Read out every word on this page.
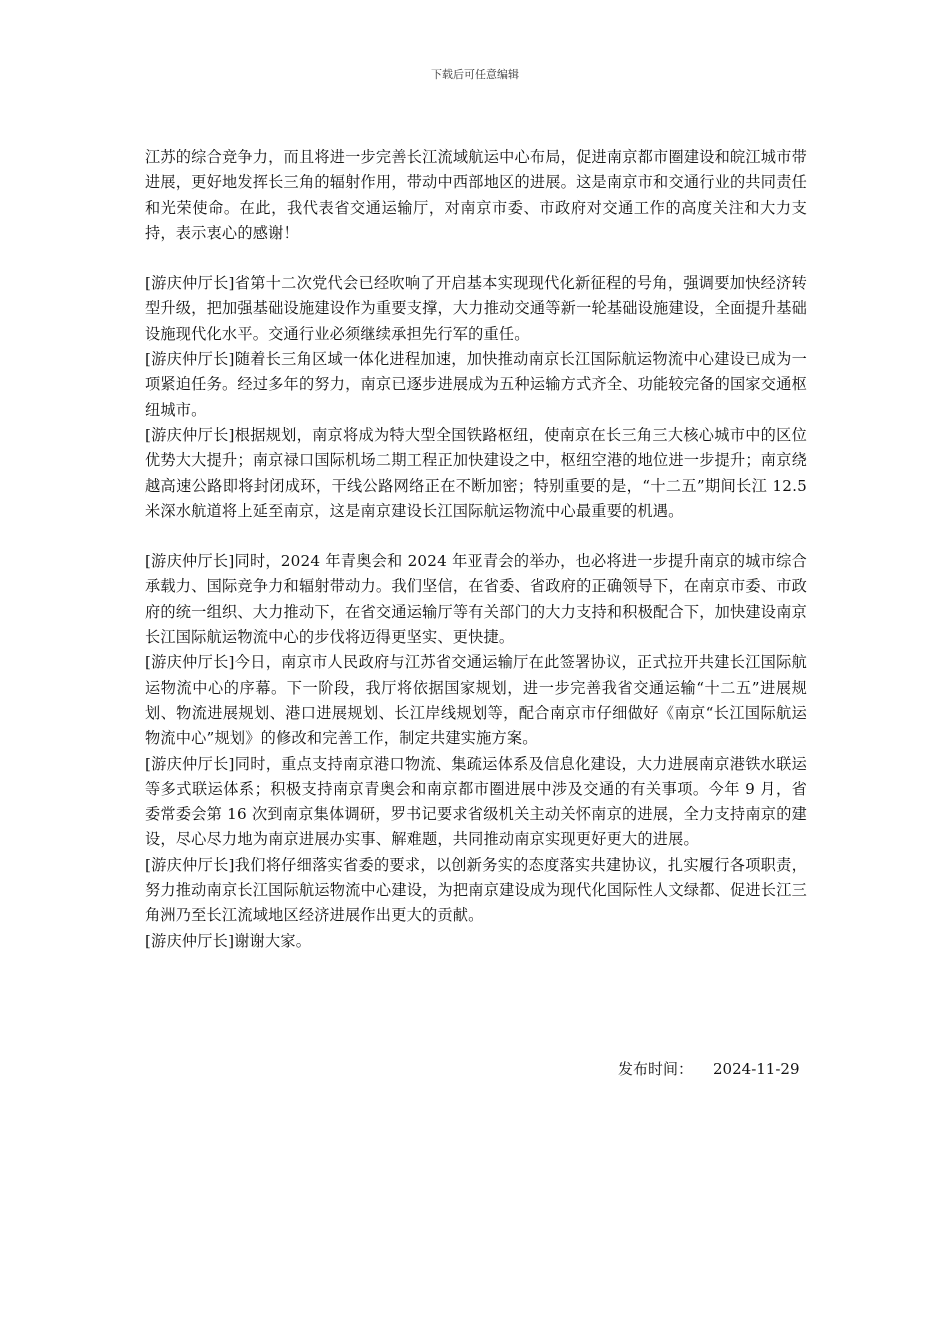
下载后可任意编辑

江苏的综合竞争力，而且将进一步完善长江流域航运中心布局，促进南京都市圈建设和皖江城市带进展，更好地发挥长三角的辐射作用，带动中西部地区的进展。这是南京市和交通行业的共同责任和光荣使命。在此，我代表省交通运输厅，对南京市委、市政府对交通工作的高度关注和大力支持，表示衷心的感谢！

[游庆仲厅长]省第十二次党代会已经吹响了开启基本实现现代化新征程的号角，强调要加快经济转型升级，把加强基础设施建设作为重要支撑，大力推动交通等新一轮基础设施建设，全面提升基础设施现代化水平。交通行业必须继续承担先行军的重任。

[游庆仲厅长]随着长三角区域一体化进程加速，加快推动南京长江国际航运物流中心建设已成为一项紧迫任务。经过多年的努力，南京已逐步进展成为五种运输方式齐全、功能较完备的国家交通枢纽城市。

[游庆仲厅长]根据规划，南京将成为特大型全国铁路枢纽，使南京在长三角三大核心城市中的区位优势大大提升；南京禄口国际机场二期工程正加快建设之中，枢纽空港的地位进一步提升；南京绕越高速公路即将封闭成环，干线公路网络正在不断加密；特别重要的是，“十二五”期间长江 12.5 米深水航道将上延至南京，这是南京建设长江国际航运物流中心最重要的机遇。

[游庆仲厅长]同时，2024 年青奥会和 2024 年亚青会的举办，也必将进一步提升南京的城市综合承载力、国际竞争力和辐射带动力。我们坚信，在省委、省政府的正确领导下，在南京市委、市政府的统一组织、大力推动下，在省交通运输厅等有关部门的大力支持和积极配合下，加快建设南京长江国际航运物流中心的步伐将迈得更坚实、更快捷。

[游庆仲厅长]今日，南京市人民政府与江苏省交通运输厅在此签署协议，正式拉开共建长江国际航运物流中心的序幕。下一阶段，我厅将依据国家规划，进一步完善我省交通运输“十二五”进展规划、物流进展规划、港口进展规划、长江岸线规划等，配合南京市仔细做好《南京“长江国际航运物流中心”规划》的修改和完善工作，制定共建实施方案。

[游庆仲厅长]同时，重点支持南京港口物流、集疏运体系及信息化建设，大力进展南京港铁水联运等多式联运体系；积极支持南京青奥会和南京都市圈进展中涉及交通的有关事项。今年 9 月，省委常委会第 16 次到南京集体调研，罗书记要求省级机关主动关怀南京的进展，全力支持南京的建设，尽心尽力地为南京进展办实事、解难题，共同推动南京实现更好更大的进展。

[游庆仲厅长]我们将仔细落实省委的要求，以创新务实的态度落实共建协议，扎实履行各项职责，努力推动南京长江国际航运物流中心建设，为把南京建设成为现代化国际性人文绿都、促进长江三角洲乃至长江流域地区经济进展作出更大的贡献。

[游庆仲厅长]谢谢大家。

发布时间： 2024-11-29
